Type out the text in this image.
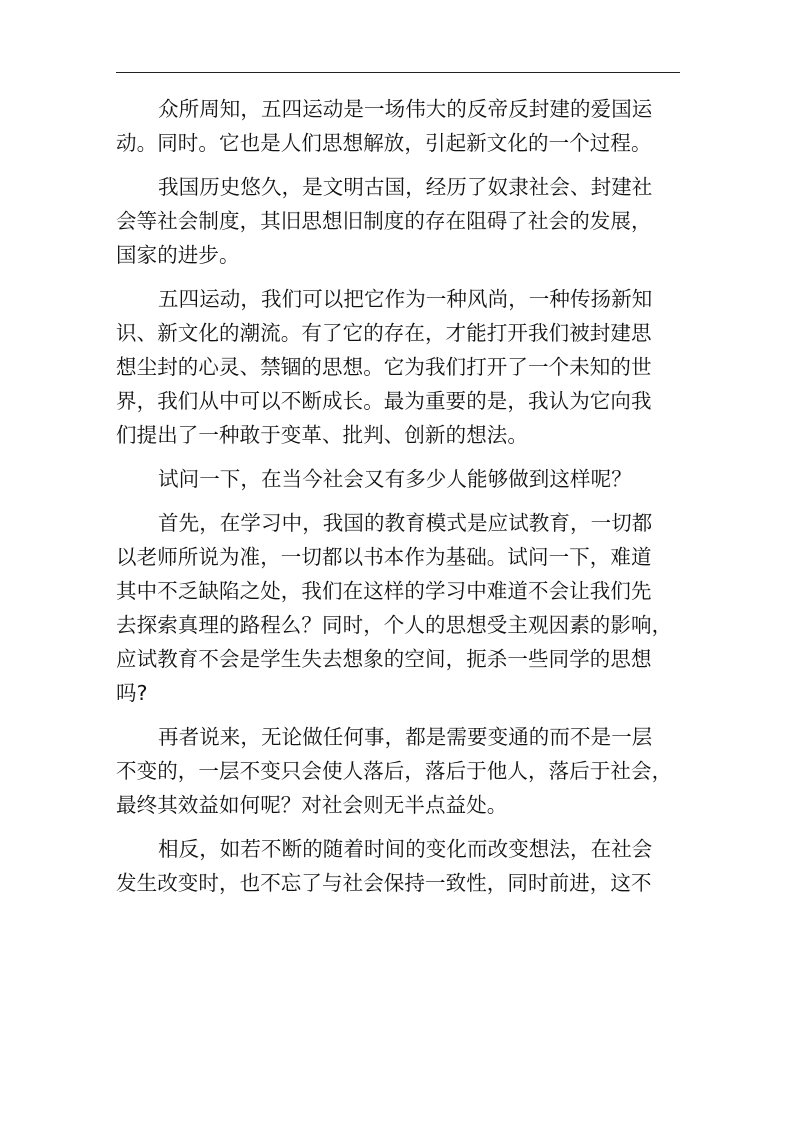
众所周知，五四运动是一场伟大的反帝反封建的爱国运
动。同时。它也是人们思想解放，引起新文化的一个过程。
我国历史悠久，是文明古国，经历了奴隶社会、封建社
会等社会制度，其旧思想旧制度的存在阻碍了社会的发展，
国家的进步。
五四运动，我们可以把它作为一种风尚，一种传扬新知
识、新文化的潮流。有了它的存在，才能打开我们被封建思
想尘封的心灵、禁锢的思想。它为我们打开了一个未知的世
界，我们从中可以不断成长。最为重要的是，我认为它向我
们提出了一种敢于变革、批判、创新的想法。
试问一下，在当今社会又有多少人能够做到这样呢？
首先，在学习中，我国的教育模式是应试教育，一切都
以老师所说为准，一切都以书本作为基础。试问一下，难道
其中不乏缺陷之处，我们在这样的学习中难道不会让我们先
去探索真理的路程么？同时，个人的思想受主观因素的影响，
应试教育不会是学生失去想象的空间，扼杀一些同学的思想
吗?
再者说来，无论做任何事，都是需要变通的而不是一层
不变的，一层不变只会使人落后，落后于他人，落后于社会，
最终其效益如何呢？对社会则无半点益处。
相反，如若不断的随着时间的变化而改变想法，在社会
发生改变时，也不忘了与社会保持一致性，同时前进，这不
